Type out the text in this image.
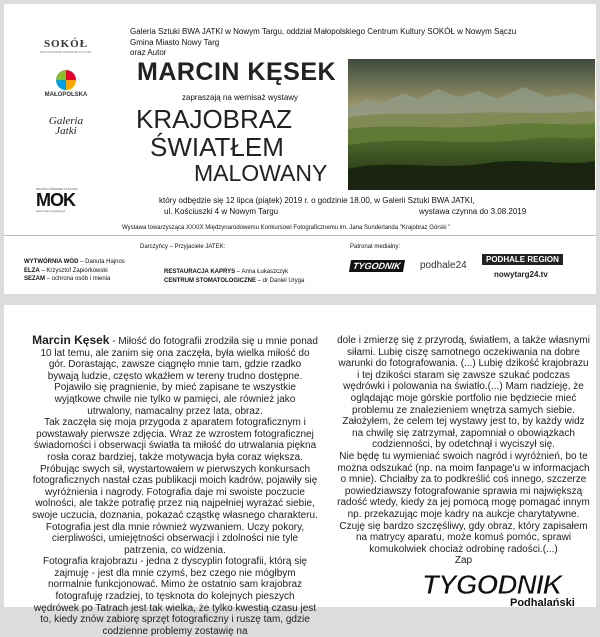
SOKÓŁ
MAŁOPOLSKIE CENTRUM KULTURY
MAŁOPOLSKA
Galeria
Jatki
MIEJSKI OŚRODEK KULTURY
MOK
www.mok.nowytarg.pl
Galeria Sztuki BWA JATKI w Nowym Targu, oddział Małopolskiego Centrum Kultury SOKÓŁ w Nowym Sączu
Gmina Miasto Nowy Targ
oraz Autor
MARCIN KĘSEK
zapraszają na wernisaż wystawy
KRAJOBRAZ
ŚWIATŁEM
MALOWANY
który odbędzie się 12 lipca (piątek) 2019 r. o godzinie 18.00, w Galerii Sztuki BWA JATKI,
ul. Kościuszki 4 w Nowym Targu	wystawa czynna do 3.08.2019
Wystawa towarzysząca XXXIX Międzynarodowemu Konkursowi Fotograficznemu im. Jana Sunderlanda "Krajobraz Górski "
Darczyńcy – Przyjaciele JATEK:
WYTWÓRNIA WÓD – Danuta Hajnos
ELZA – Krzysztof Zapiórkowski
SEZAM – ochrona osób i mienia
RESTAURACJA KAPRYS – Anna Łukaszczyk
CENTRUM STOMATOLOGICZNE – dr Daniel Uryga
Patronat medialny:
TYGODNIK	podhale24
PODHALE REGION
nowytarg24.tv
Marcin Kęsek - Miłość do fotografii zrodziła się u mnie ponad 10 lat temu, ale zanim się ona zaczęła, była wielka miłość do gór. Dorastając, zawsze ciągnęło mnie tam, gdzie rzadko bywają ludzie, często wkaźłem w tereny trudno dostępne. Pojawiło się pragnienie, by mieć zapisane te wszystkie wyjątkowe chwile nie tylko w pamięci, ale również jako utrwalony, namacalny przez lata, obraz.
Tak zaczęła się moja przygoda z aparatem fotograficznym i powstawały pierwsze zdjęcia. Wraz ze wzrostem fotograficznej świadomości i obserwacji światła ta miłość do utrwalania piękna rosła coraz bardziej, także motywacja była coraz większa. Próbując swych sił, wystartowałem w pierwszych konkursach fotograficznych nastał czas publikacji moich kadrów, pojawiły się wyróżnienia i nagrody. Fotografia daje mi swoiste poczucie wolności, ale także potrafię przez nią najpełniej wyrażać siebie, swoje uczucia, doznania, pokazać cząstkę własnego charakteru. Fotografia jest dla mnie również wyzwaniem. Uczy pokory, cierpliwości, umiejętności obserwacji i zdolności nie tyle patrzenia, co widzenia.
Fotografia krajobrazu - jedna z dyscyplin fotografii, którą się zajmuję - jest dla mnie czymś, bez czego nie mógłbym normalnie funkcjonować. Mimo że ostatnio sam krajobraz fotografuję rzadziej, to tęsknota do kolejnych pieszych wędrówek po Tatrach jest tak wielka, że tylko kwestią czasu jest to, kiedy znów zabiorę sprzęt fotograficzny i ruszę tam, gdzie codzienne problemy zostawię na
dole i zmierzę się z przyrodą, światłem, a także własnymi siłami. Lubię ciszę samotnego oczekiwania na dobre warunki do fotografowania. (...) Lubię dzikość krajobrazu i tej dzikości staram się zawsze szukać podczas wędrówki i polowania na światło.(...) Mam nadzieję, że oglądając moje górskie portfolio nie będziecie mieć problemu ze znalezieniem wnętrza samych siebie. Założyłem, że celem tej wystawy jest to, by każdy widz na chwilę się zatrzymał, zapomniał o obowiązkach codzienności, by odetchnął i wyciszył się.
Nie będę tu wymieniać swoich nagród i wyróżnień, bo te można odszukać (np. na moim fanpage'u w informacjach o mnie). Chciałby za to podkreślić coś innego, szczerze powiedziawszy fotografowanie sprawia mi największą radość wtedy, kiedy za jej pomocą mogę pomagać innym np. przekazując moje kadry na aukcje charytatywne. Czuję się bardzo szczęśliwy, gdy obraz, który zapisałem na matrycy aparatu, może komuś pomóc, sprawi komukolwiek chociaż odrobinę radości.(...)
Zap
TYGODNIK
Podhalański
